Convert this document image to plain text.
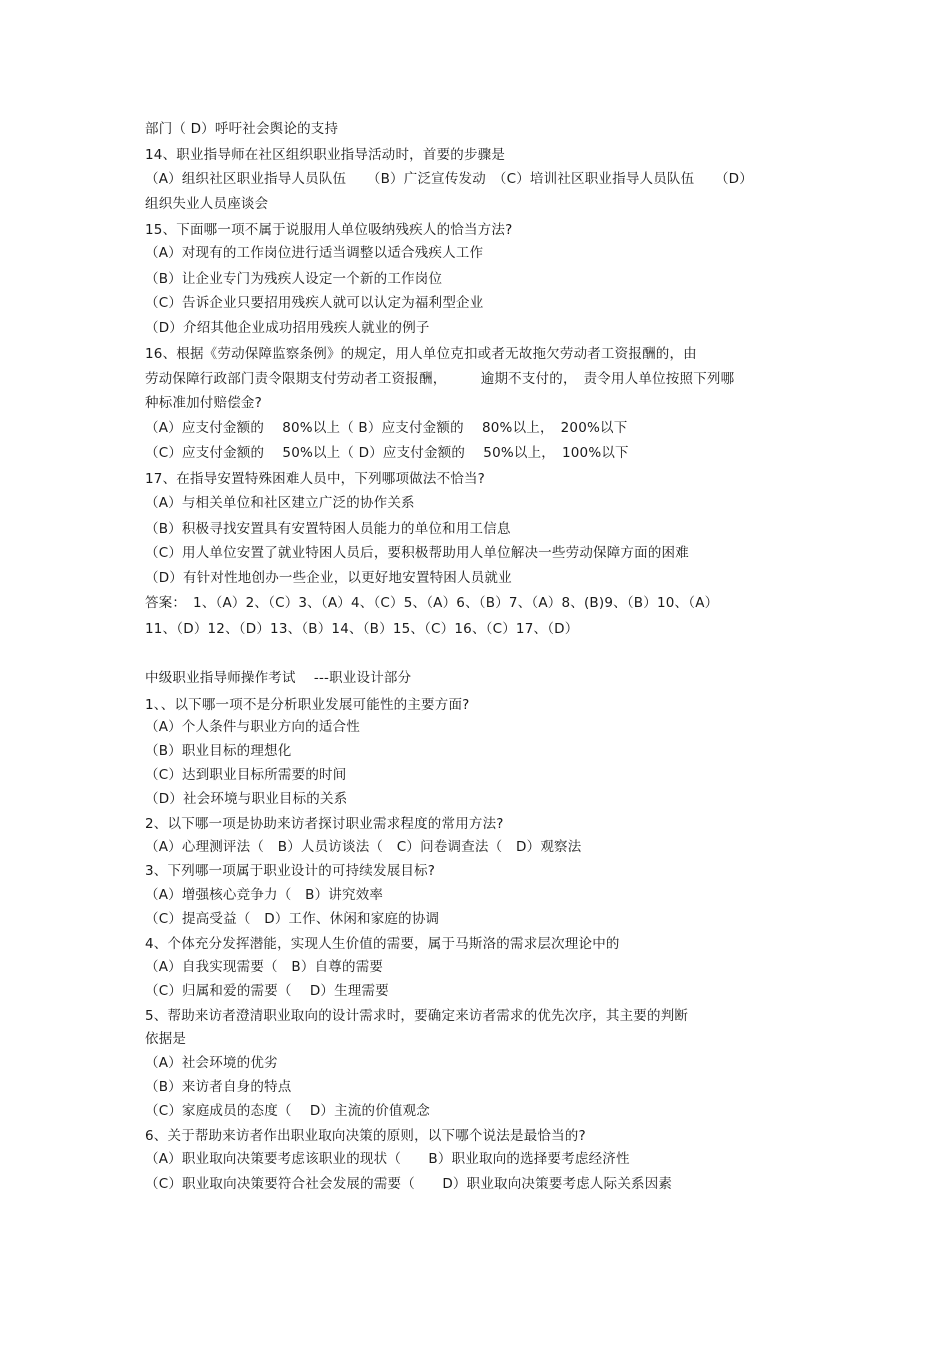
部门（ D）呼吁社会舆论的支持
14、职业指导师在社区组织职业指导活动时，首要的步骤是
（A）组织社区职业指导人员队伍　　（B）广泛宣传发动　（C）培训社区职业指导人员队伍　　（D）
组织失业人员座谈会
15、下面哪一项不属于说服用人单位吸纳残疾人的恰当方法?
（A）对现有的工作岗位进行适当调整以适合残疾人工作
（B）让企业专门为残疾人设定一个新的工作岗位
（C）告诉企业只要招用残疾人就可以认定为福利型企业
（D）介绍其他企业成功招用残疾人就业的例子
16、根据《劳动保障监察条例》的规定，用人单位克扣或者无故拖欠劳动者工资报酬的，由
劳动保障行政部门责令限期支付劳动者工资报酬，　　　逾期不支付的，　责令用人单位按照下列哪
种标准加付赔偿金?
（A）应支付金额的　 80%以上（ B）应支付金额的　 80%以上，　200%以下
（C）应支付金额的　 50%以上（ D）应支付金额的　 50%以上，　100%以下
17、在指导安置特殊困难人员中，下列哪项做法不恰当?
（A）与相关单位和社区建立广泛的协作关系
（B）积极寻找安置具有安置特困人员能力的单位和用工信息
（C）用人单位安置了就业特困人员后，要积极帮助用人单位解决一些劳动保障方面的困难
（D）有针对性地创办一些企业，以更好地安置特困人员就业
答案：　1、（A）2、（C）3、（A）4、（C）5、（A）6、（B）7、（A）8、(B)9、（B）10、（A）
11、（D）12、（D）13、（B）14、（B）15、（C）16、（C）17、（D）
中级职业指导师操作考试　 ---职业设计部分
1、、以下哪一项不是分析职业发展可能性的主要方面?
（A）个人条件与职业方向的适合性
（B）职业目标的理想化
（C）达到职业目标所需要的时间
（D）社会环境与职业目标的关系
2、以下哪一项是协助来访者探讨职业需求程度的常用方法?
（A）心理测评法（　B）人员访谈法（　C）问卷调查法（　D）观察法
3、下列哪一项属于职业设计的可持续发展目标?
（A）增强核心竞争力（　B）讲究效率
（C）提高受益（　D）工作、休闲和家庭的协调
4、个体充分发挥潜能，实现人生价值的需要，属于马斯洛的需求层次理论中的
（A）自我实现需要（　B）自尊的需要
（C）归属和爱的需要（　 D）生理需要
5、帮助来访者澄清职业取向的设计需求时，要确定来访者需求的优先次序，其主要的判断
依据是
（A）社会环境的优劣
（B）来访者自身的特点
（C）家庭成员的态度（　 D）主流的价值观念
6、关于帮助来访者作出职业取向决策的原则，以下哪个说法是最恰当的?
（A）职业取向决策要考虑该职业的现状（　　B）职业取向的选择要考虑经济性
（C）职业取向决策要符合社会发展的需要（　　D）职业取向决策要考虑人际关系因素
